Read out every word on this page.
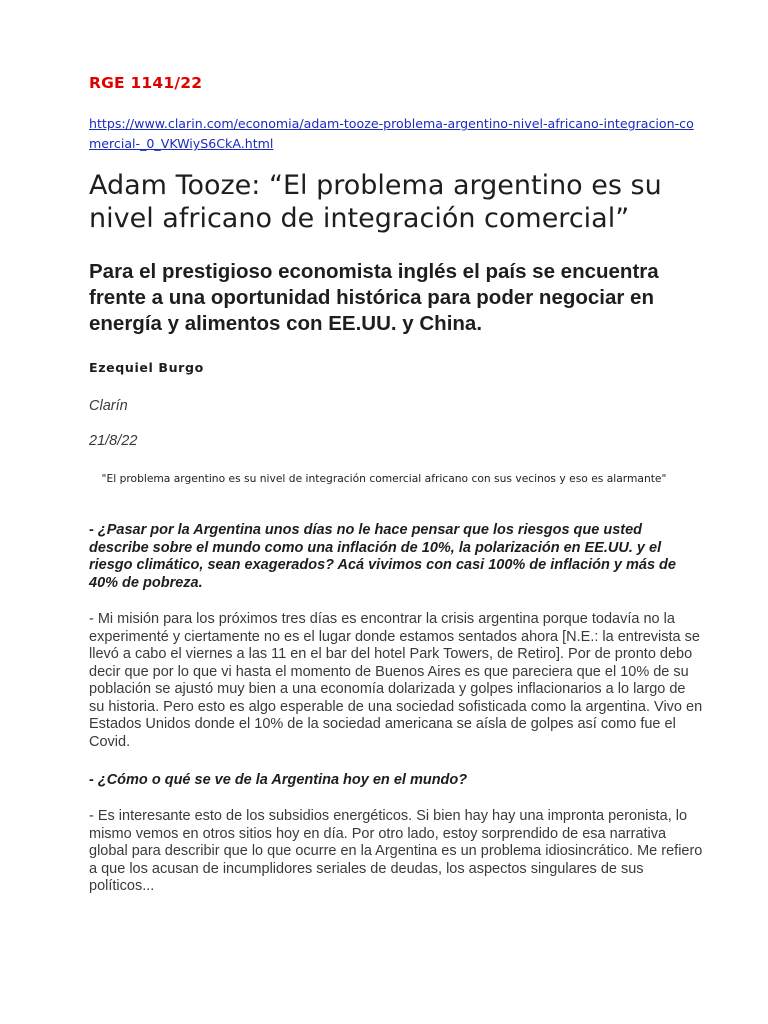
RGE 1141/22
https://www.clarin.com/economia/adam-tooze-problema-argentino-nivel-africano-integracion-comercial-_0_VKWiyS6CkA.html
Adam Tooze: “El problema argentino es su nivel africano de integración comercial”
Para el prestigioso economista inglés el país se encuentra frente a una oportunidad histórica para poder negociar en energía y alimentos con EE.UU. y China.
Ezequiel Burgo
Clarín
21/8/22
"El problema argentino es su nivel de integración comercial africano con sus vecinos y eso es alarmante"

- ¿Pasar por la Argentina unos días no le hace pensar que los riesgos que usted describe sobre el mundo como una inflación de 10%, la polarización en EE.UU. y el riesgo climático, sean exagerados? Acá vivimos con casi 100% de inflación y más de 40% de pobreza.

- Mi misión para los próximos tres días es encontrar la crisis argentina porque todavía no la experimenté y ciertamente no es el lugar donde estamos sentados ahora [N.E.: la entrevista se llevó a cabo el viernes a las 11 en el bar del hotel Park Towers, de Retiro]. Por de pronto debo decir que por lo que vi hasta el momento de Buenos Aires es que pareciera que el 10% de su población se ajustó muy bien a una economía dolarizada y golpes inflacionarios a lo largo de su historia. Pero esto es algo esperable de una sociedad sofisticada como la argentina. Vivo en Estados Unidos donde el 10% de la sociedad americana se aísla de golpes así como fue el Covid.

- ¿Cómo o qué se ve de la Argentina hoy en el mundo?

- Es interesante esto de los subsidios energéticos. Si bien hay hay una impronta peronista, lo mismo vemos en otros sitios hoy en día. Por otro lado, estoy sorprendido de esa narrativa global para describir que lo que ocurre en la Argentina es un problema idiosincrático. Me refiero a que los acusan de incumplidores seriales de deudas, los aspectos singulares de sus políticos...
